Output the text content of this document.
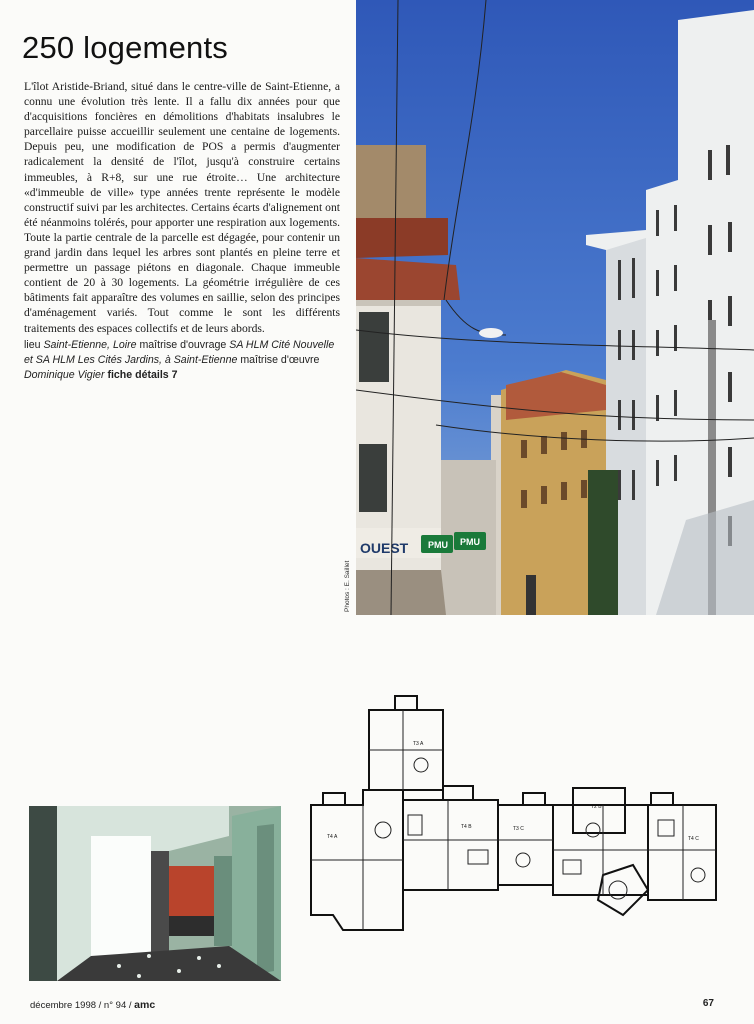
250 logements

L'îlot Aristide-Briand, situé dans le centre-ville de Saint-Etienne, a connu une évolution très lente. Il a fallu dix années pour que d'acquisitions foncières en démolitions d'habitats insalubres le parcellaire puisse accueillir seulement une centaine de logements. Depuis peu, une modification de POS a permis d'augmenter radicalement la densité de l'îlot, jusqu'à construire certains immeubles, à R+8, sur une rue étroite… Une architecture «d'immeuble de ville» type années trente représente le modèle constructif suivi par les architectes. Certains écarts d'alignement ont été néanmoins tolérés, pour apporter une respiration aux logements. Toute la partie centrale de la parcelle est dégagée, pour contenir un grand jardin dans lequel les arbres sont plantés en pleine terre et permettre un passage piétons en diagonale. Chaque immeuble contient de 20 à 30 logements. La géométrie irrégulière de ces bâtiments fait apparaître des volumes en saillie, selon des principes d'aménagement variés. Tout comme le sont les différents traitements des espaces collectifs et de leurs abords.

lieu Saint-Etienne, Loire maîtrise d'ouvrage SA HLM Cité Nouvelle et SA HLM Les Cités Jardins, à Saint-Etienne maîtrise d'œuvre Dominique Vigier fiche détails 7

OUEST PMU PMU
Photos : E. Saillet
T3 A
T4 A
T4 B	T3 C
T2 B
T4 C
décembre 1998 / n° 94 / amc	67
